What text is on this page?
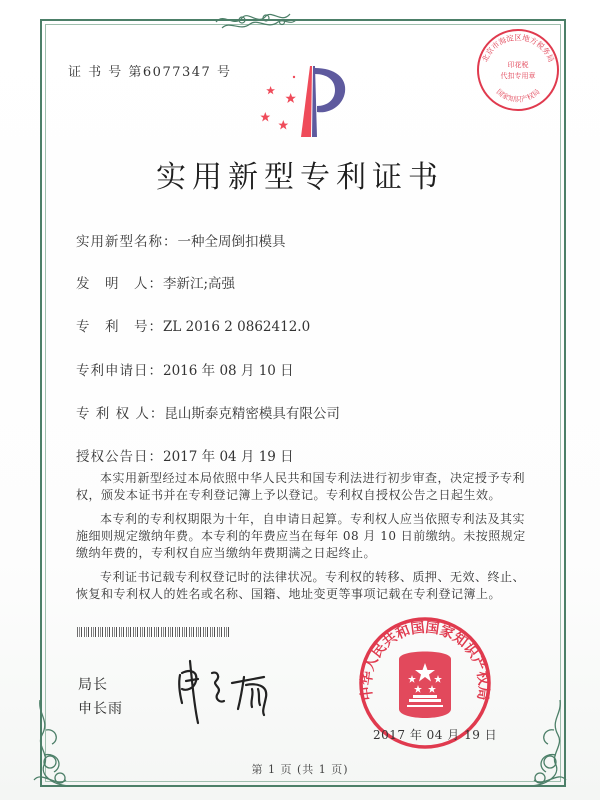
证 书 号 第6077347 号
北京市海淀区地方税务局
印花税
代扣专用章
国家知识产权局
实用新型专利证书
实用新型名称：一种全周倒扣模具
发　明　人：李新江;高强
专　利　号：ZL 2016 2 0862412.0
专利申请日：2016 年 08 月 10 日
专 利 权 人：昆山斯泰克精密模具有限公司
授权公告日：2017 年 04 月 19 日
本实用新型经过本局依照中华人民共和国专利法进行初步审查，决定授予专利权，颁发本证书并在专利登记簿上予以登记。专利权自授权公告之日起生效。
本专利的专利权期限为十年，自申请日起算。专利权人应当依照专利法及其实施细则规定缴纳年费。本专利的年费应当在每年 08 月 10 日前缴纳。未按照规定缴纳年费的，专利权自应当缴纳年费期满之日起终止。
专利证书记载专利权登记时的法律状况。专利权的转移、质押、无效、终止、恢复和专利权人的姓名或名称、国籍、地址变更等事项记载在专利登记簿上。
局长
申长雨
中华人民共和国国家知识产权局
2017 年 04 月 19 日
第 1 页 (共 1 页)
